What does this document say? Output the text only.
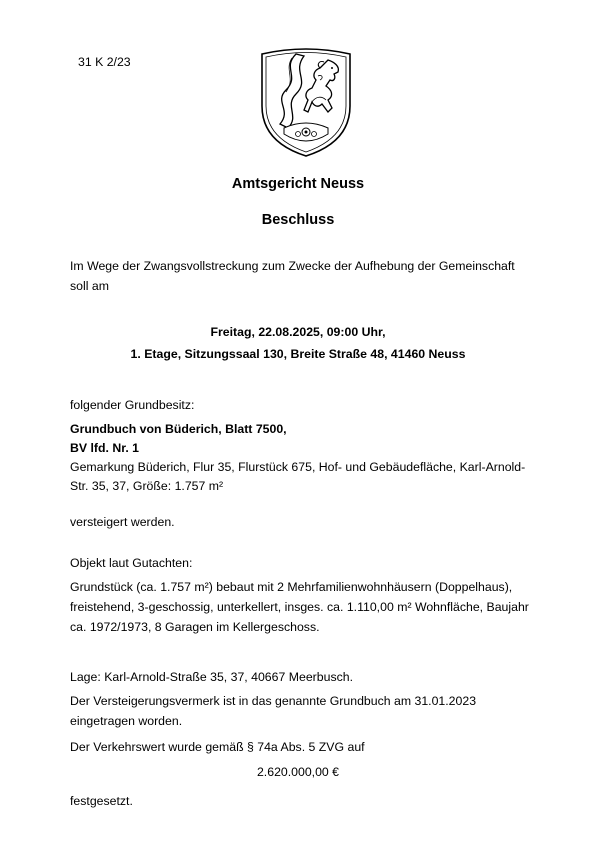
31 K 2/23
Amtsgericht Neuss
Beschluss
Im Wege der Zwangsvollstreckung zum Zwecke der Aufhebung der Gemeinschaft
soll am
Freitag, 22.08.2025, 09:00 Uhr,
1. Etage, Sitzungssaal 130, Breite Straße 48, 41460 Neuss
folgender Grundbesitz:
Grundbuch von Büderich, Blatt 7500,
BV lfd. Nr. 1
Gemarkung Büderich, Flur 35, Flurstück 675, Hof- und Gebäudefläche, Karl-Arnold-
Str. 35, 37, Größe: 1.757 m²
versteigert werden.
Objekt laut Gutachten:
Grundstück (ca. 1.757 m²) bebaut mit 2 Mehrfamilienwohnhäusern (Doppelhaus),
freistehend, 3-geschossig, unterkellert, insges. ca. 1.110,00 m² Wohnfläche, Baujahr
ca. 1972/1973, 8 Garagen im Kellergeschoss.
Lage: Karl-Arnold-Straße 35, 37, 40667 Meerbusch.
Der Versteigerungsvermerk ist in das genannte Grundbuch am 31.01.2023
eingetragen worden.
Der Verkehrswert wurde gemäß § 74a Abs. 5 ZVG auf
2.620.000,00 €
festgesetzt.
